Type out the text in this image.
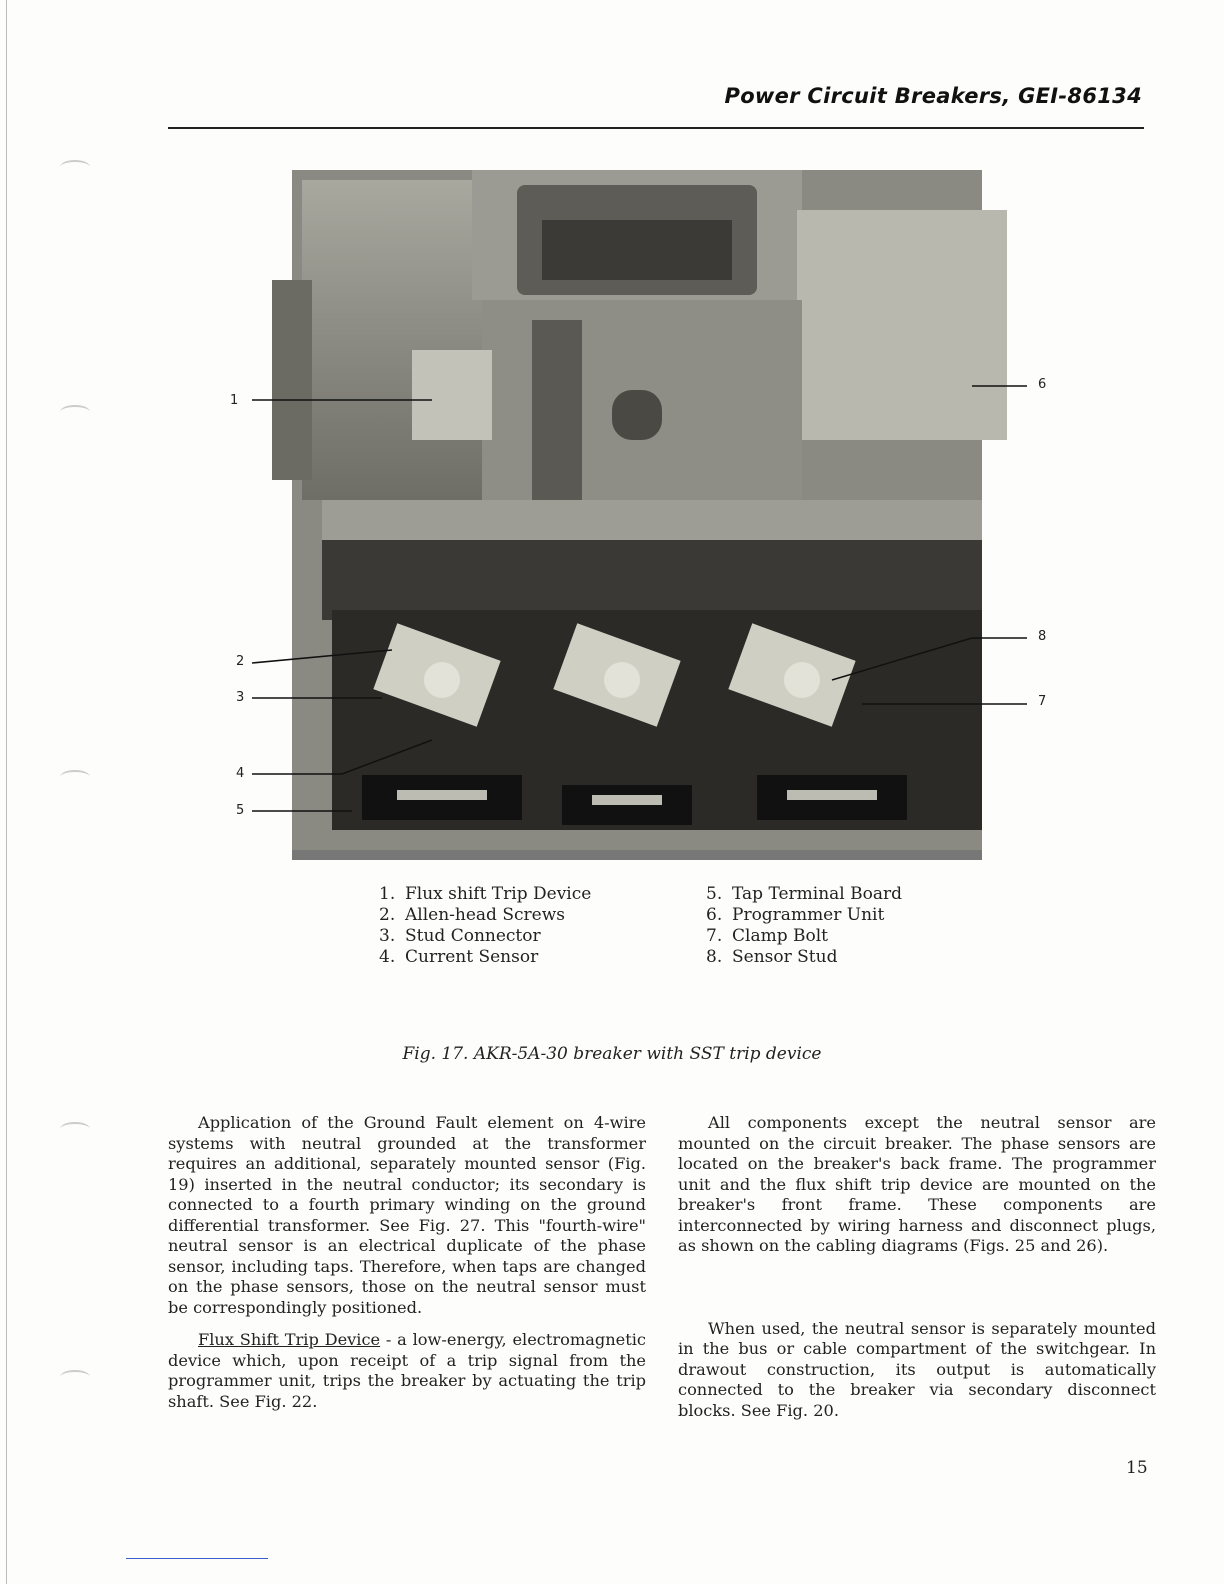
Power Circuit Breakers, GEI-86134
1
2
3
4
5
6
7
8
1. Flux shift Trip Device
2. Allen-head Screws
3. Stud Connector
4. Current Sensor
5. Tap Terminal Board
6. Programmer Unit
7. Clamp Bolt
8. Sensor Stud
Fig. 17. AKR-5A-30 breaker with SST trip device

Application of the Ground Fault element on 4-wire systems with neutral grounded at the transformer requires an additional, separately mounted sensor (Fig. 19) inserted in the neutral conductor; its secondary is connected to a fourth primary winding on the ground differential transformer. See Fig. 27. This "fourth-wire" neutral sensor is an electrical duplicate of the phase sensor, including taps. Therefore, when taps are changed on the phase sensors, those on the neutral sensor must be correspondingly positioned.

Flux Shift Trip Device - a low-energy, electromagnetic device which, upon receipt of a trip signal from the programmer unit, trips the breaker by actuating the trip shaft. See Fig. 22.

All components except the neutral sensor are mounted on the circuit breaker. The phase sensors are located on the breaker's back frame. The programmer unit and the flux shift trip device are mounted on the breaker's front frame. These components are interconnected by wiring harness and disconnect plugs, as shown on the cabling diagrams (Figs. 25 and 26).

When used, the neutral sensor is separately mounted in the bus or cable compartment of the switchgear. In drawout construction, its output is automatically connected to the breaker via secondary disconnect blocks. See Fig. 20.

15
